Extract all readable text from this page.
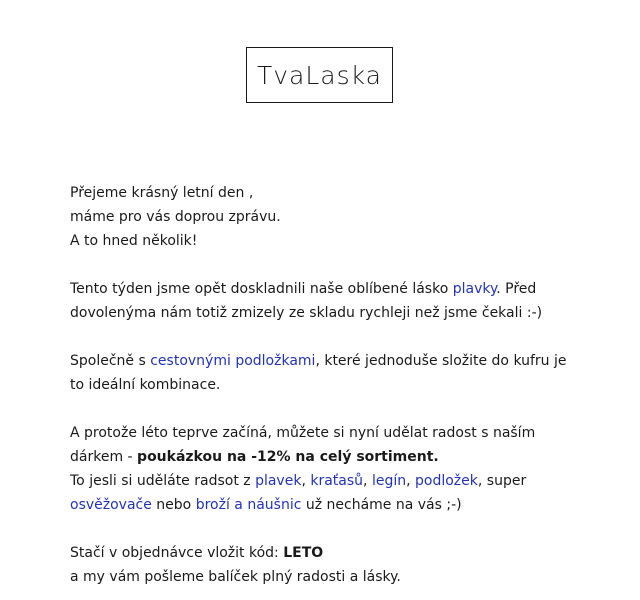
TvaLaska

Přejeme krásný letní den ,
máme pro vás doprou zprávu.
A to hned několik!

Tento týden jsme opět doskladnili naše oblíbené lásko plavky. Před dovolenýma nám totiž zmizely ze skladu rychleji než jsme čekali :-)

Společně s cestovnými podložkami, které jednoduše složite do kufru je to ideální kombinace.

A protože léto teprve začíná, můžete si nyní udělat radost s naším dárkem - poukázkou na -12% na celý sortiment.
To jesli si uděláte radsot z plavek, kraťasů, legín, podložek, super osvěžovače nebo broží a náušnic už necháme na vás ;-)

Stačí v objednávce vložit kód: LETO
a my vám pošleme balíček plný radosti a lásky.
